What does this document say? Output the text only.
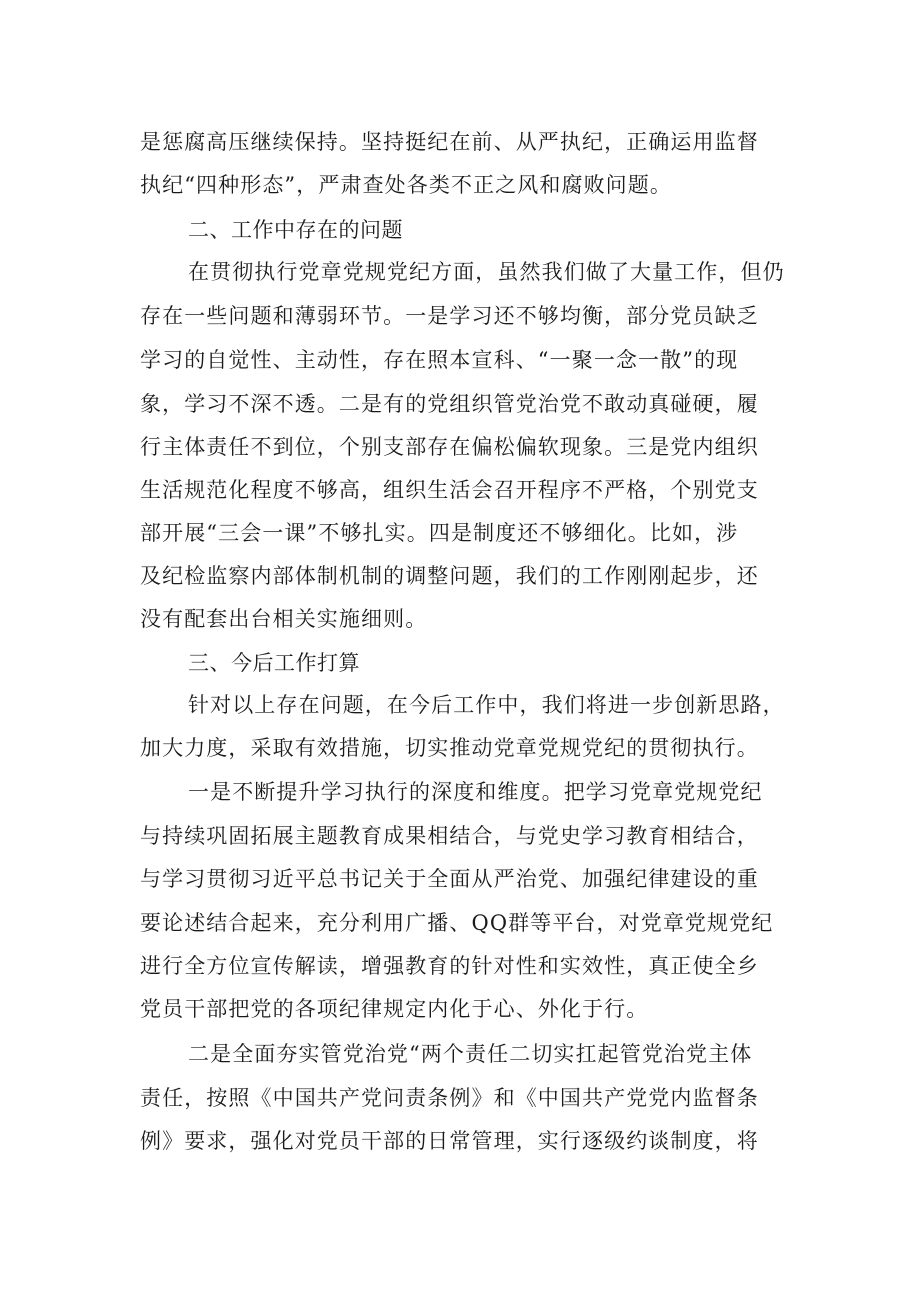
是惩腐高压继续保持。坚持挺纪在前、从严执纪，正确运用监督
执纪“四种形态”，严肃查处各类不正之风和腐败问题。
二、工作中存在的问题
在贯彻执行党章党规党纪方面，虽然我们做了大量工作，但仍
存在一些问题和薄弱环节。一是学习还不够均衡，部分党员缺乏
学习的自觉性、主动性，存在照本宣科、“一聚一念一散”的现
象，学习不深不透。二是有的党组织管党治党不敢动真碰硬，履
行主体责任不到位，个别支部存在偏松偏软现象。三是党内组织
生活规范化程度不够高，组织生活会召开程序不严格，个别党支
部开展“三会一课”不够扎实。四是制度还不够细化。比如，涉
及纪检监察内部体制机制的调整问题，我们的工作刚刚起步，还
没有配套出台相关实施细则。
三、今后工作打算
针对以上存在问题，在今后工作中，我们将进一步创新思路，
加大力度，采取有效措施，切实推动党章党规党纪的贯彻执行。
一是不断提升学习执行的深度和维度。把学习党章党规党纪
与持续巩固拓展主题教育成果相结合，与党史学习教育相结合，
与学习贯彻习近平总书记关于全面从严治党、加强纪律建设的重
要论述结合起来，充分利用广播、QQ群等平台，对党章党规党纪
进行全方位宣传解读，增强教育的针对性和实效性，真正使全乡
党员干部把党的各项纪律规定内化于心、外化于行。
二是全面夯实管党治党“两个责任二切实扛起管党治党主体
责任，按照《中国共产党问责条例》和《中国共产党党内监督条
例》要求，强化对党员干部的日常管理，实行逐级约谈制度，将
